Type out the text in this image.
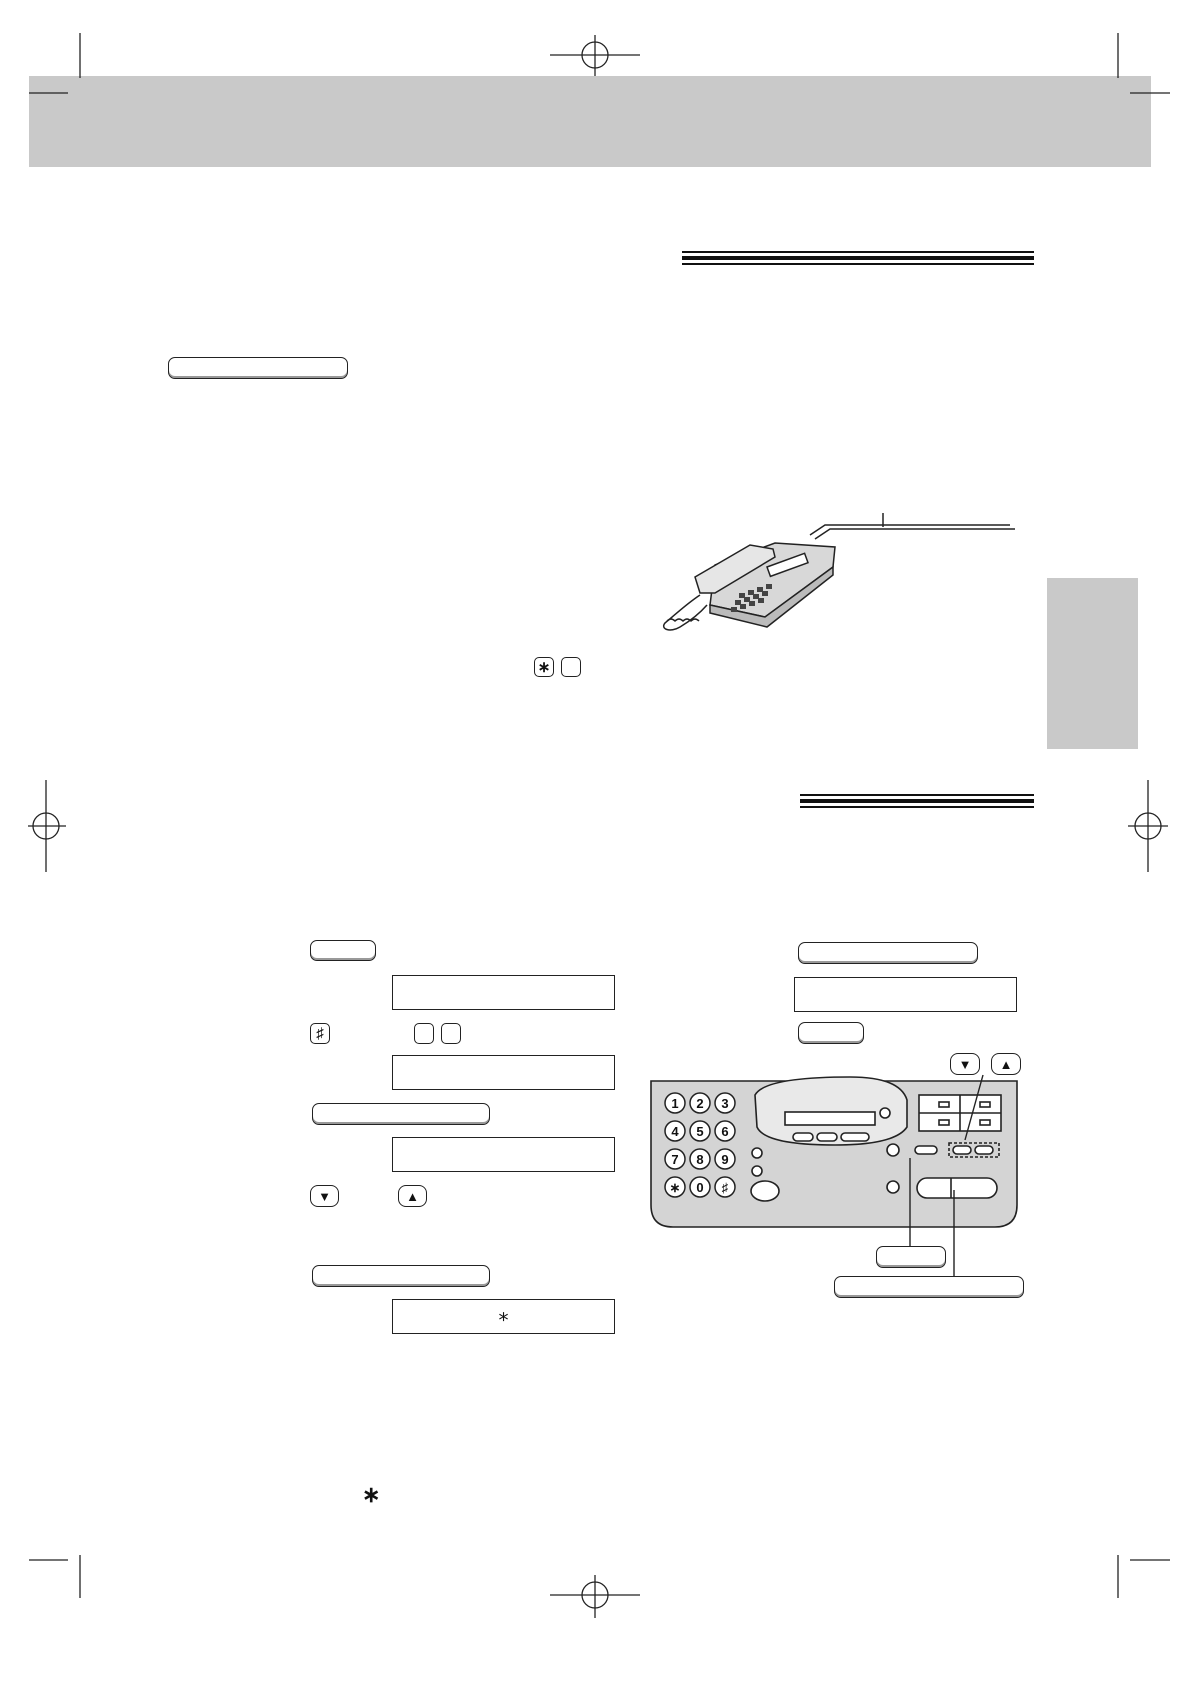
∗
♯
▼	▲
∗
▼	▲
1 2 3
4 5 6
7 8 9
∗ 0 ♯
∗
